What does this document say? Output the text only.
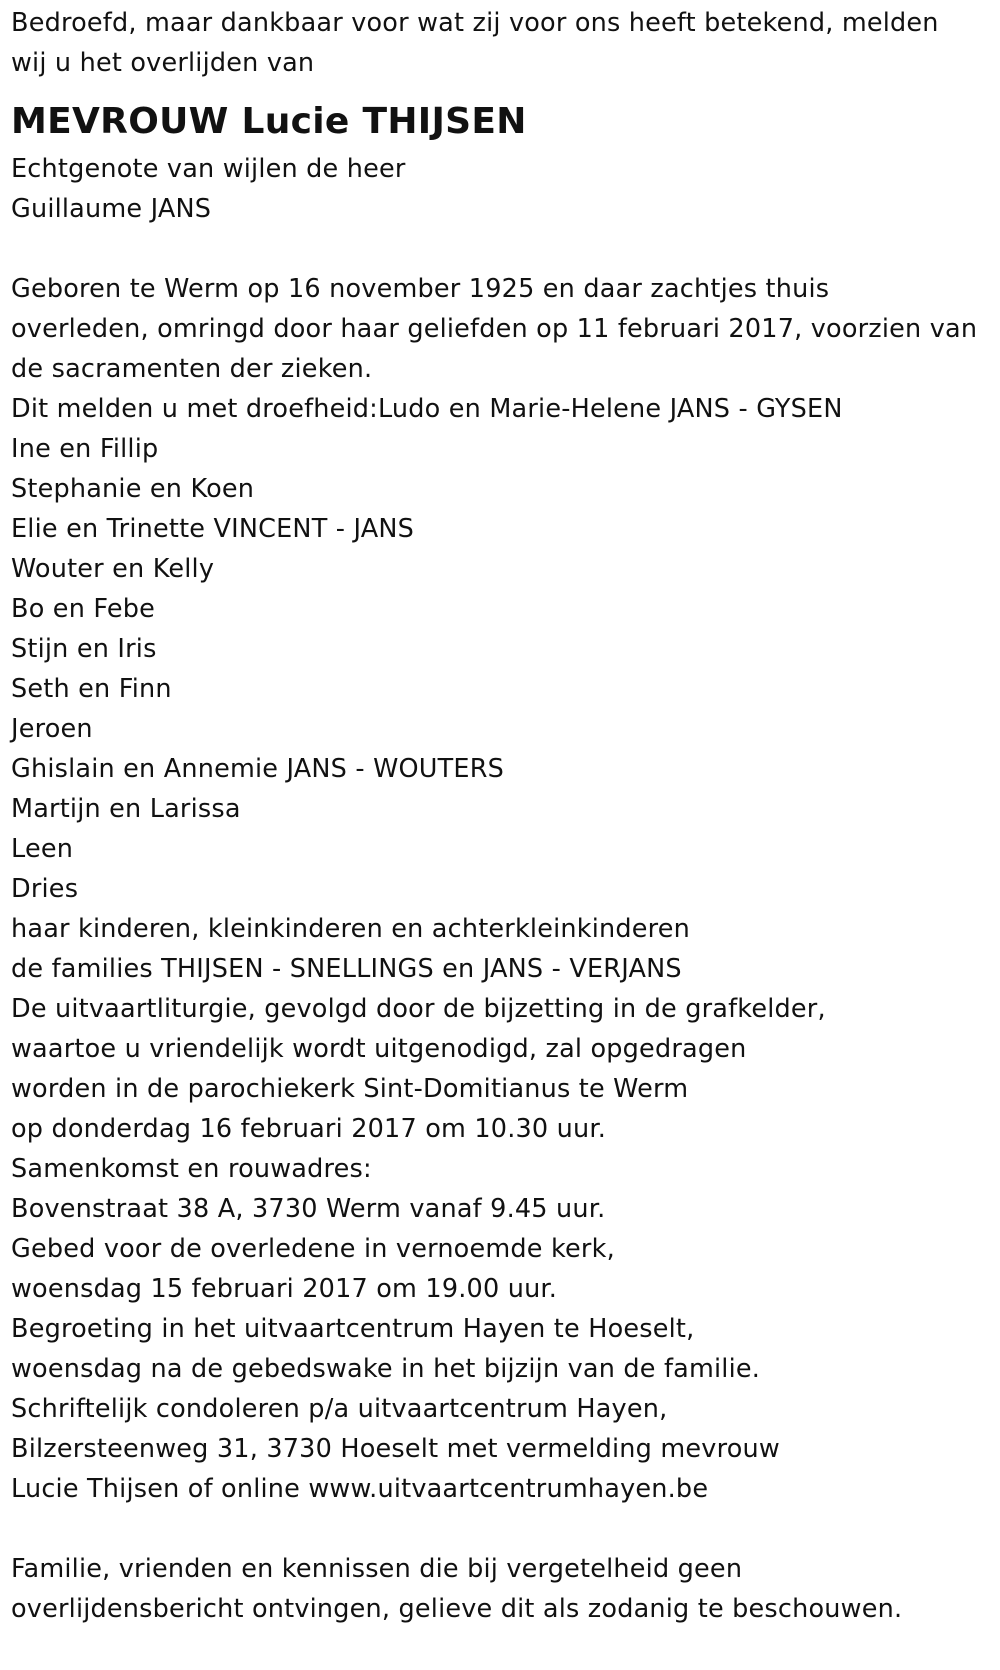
Bedroefd, maar dankbaar voor wat zij voor ons heeft betekend, melden
wij u het overlijden van
MEVROUW Lucie THIJSEN
Echtgenote van wijlen de heer
Guillaume JANS
Geboren te Werm op 16 november 1925 en daar zachtjes thuis
overleden, omringd door haar geliefden op 11 februari 2017, voorzien van
de sacramenten der zieken.
Dit melden u met droefheid:Ludo en Marie-Helene JANS - GYSEN
Ine en Fillip
Stephanie en Koen
Elie en Trinette VINCENT - JANS
Wouter en Kelly
Bo en Febe
Stijn en Iris
Seth en Finn
Jeroen
Ghislain en Annemie JANS - WOUTERS
Martijn en Larissa
Leen
Dries
haar kinderen, kleinkinderen en achterkleinkinderen
de families THIJSEN - SNELLINGS en JANS - VERJANS
De uitvaartliturgie, gevolgd door de bijzetting in de grafkelder,
waartoe u vriendelijk wordt uitgenodigd, zal opgedragen
worden in de parochiekerk Sint-Domitianus te Werm
op donderdag 16 februari 2017 om 10.30 uur.
Samenkomst en rouwadres:
Bovenstraat 38 A, 3730 Werm vanaf 9.45 uur.
Gebed voor de overledene in vernoemde kerk,
woensdag 15 februari 2017 om 19.00 uur.
Begroeting in het uitvaartcentrum Hayen te Hoeselt,
woensdag na de gebedswake in het bijzijn van de familie.
Schriftelijk condoleren p/a uitvaartcentrum Hayen,
Bilzersteenweg 31, 3730 Hoeselt met vermelding mevrouw
Lucie Thijsen of online www.uitvaartcentrumhayen.be
Familie, vrienden en kennissen die bij vergetelheid geen
overlijdensbericht ontvingen, gelieve dit als zodanig te beschouwen.
